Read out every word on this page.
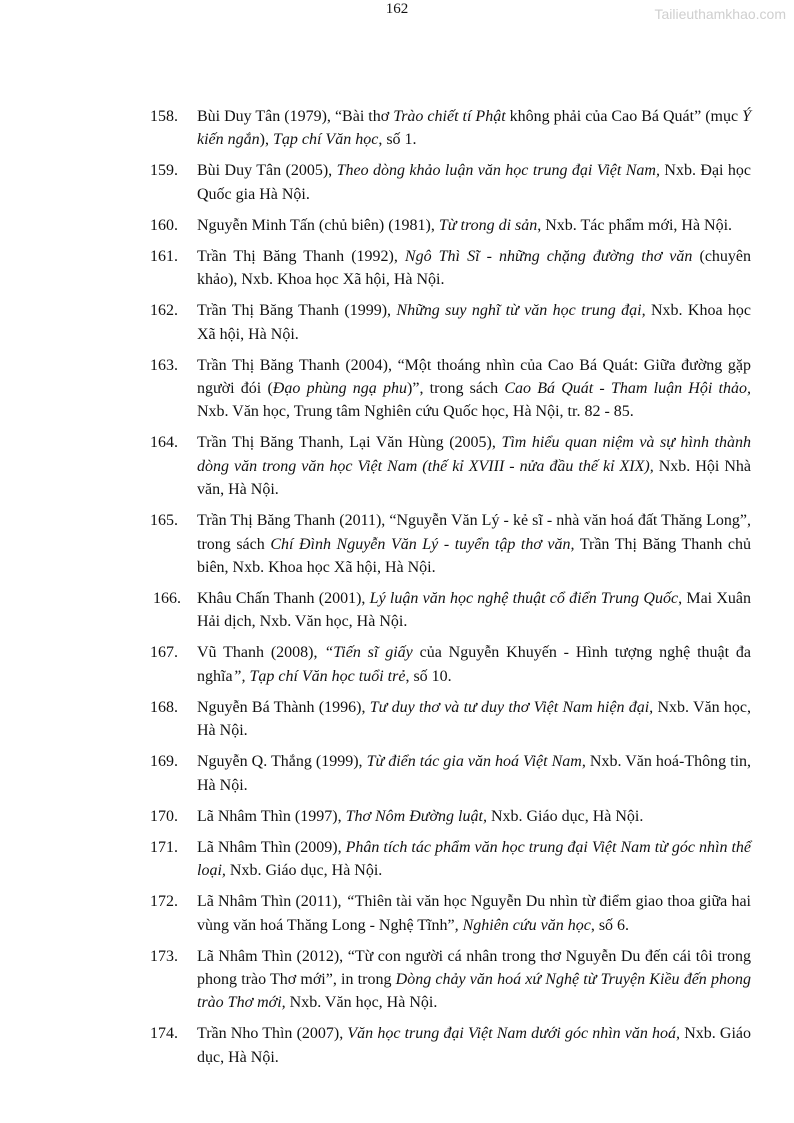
162	Tailieuthamkhao.com
158.	Bùi Duy Tân (1979), “Bài thơ Trào chiết tí Phật không phải của Cao Bá Quát” (mục Ý kiến ngắn), Tạp chí Văn học, số 1.
159.	Bùi Duy Tân (2005), Theo dòng khảo luận văn học trung đại Việt Nam, Nxb. Đại học Quốc gia Hà Nội.
160.	Nguyễn Minh Tấn (chủ biên) (1981), Từ trong di sản, Nxb. Tác phẩm mới, Hà Nội.
161.	Trần Thị Băng Thanh (1992), Ngô Thì Sĩ - những chặng đường thơ văn (chuyên khảo), Nxb. Khoa học Xã hội, Hà Nội.
162.	Trần Thị Băng Thanh (1999), Những suy nghĩ từ văn học trung đại, Nxb. Khoa học Xã hội, Hà Nội.
163.	Trần Thị Băng Thanh (2004), “Một thoáng nhìn của Cao Bá Quát: Giữa đường gặp người đói (Đạo phùng ngạ phu)”, trong sách Cao Bá Quát - Tham luận Hội thảo, Nxb. Văn học, Trung tâm Nghiên cứu Quốc học, Hà Nội, tr. 82 - 85.
164.	Trần Thị Băng Thanh, Lại Văn Hùng (2005), Tìm hiểu quan niệm và sự hình thành dòng văn trong văn học Việt Nam (thế kỉ XVIII - nửa đầu thế kỉ XIX), Nxb. Hội Nhà văn, Hà Nội.
165.	Trần Thị Băng Thanh (2011), “Nguyễn Văn Lý - kẻ sĩ - nhà văn hoá đất Thăng Long”, trong sách Chí Đình Nguyễn Văn Lý - tuyển tập thơ văn, Trần Thị Băng Thanh chủ biên, Nxb. Khoa học Xã hội, Hà Nội.
166.	Khâu Chấn Thanh (2001), Lý luận văn học nghệ thuật cổ điển Trung Quốc, Mai Xuân Hải dịch, Nxb. Văn học, Hà Nội.
167.	Vũ Thanh (2008), “Tiến sĩ giấy của Nguyễn Khuyến - Hình tượng nghệ thuật đa nghĩa”, Tạp chí Văn học tuổi trẻ, số 10.
168.	Nguyễn Bá Thành (1996), Tư duy thơ và tư duy thơ Việt Nam hiện đại, Nxb. Văn học, Hà Nội.
169.	Nguyễn Q. Thắng (1999), Từ điển tác gia văn hoá Việt Nam, Nxb. Văn hoá-Thông tin, Hà Nội.
170.	Lã Nhâm Thìn (1997), Thơ Nôm Đường luật, Nxb. Giáo dục, Hà Nội.
171.	Lã Nhâm Thìn (2009), Phân tích tác phẩm văn học trung đại Việt Nam từ góc nhìn thể loại, Nxb. Giáo dục, Hà Nội.
172.	Lã Nhâm Thìn (2011), “Thiên tài văn học Nguyễn Du nhìn từ điểm giao thoa giữa hai vùng văn hoá Thăng Long - Nghệ Tĩnh”, Nghiên cứu văn học, số 6.
173.	Lã Nhâm Thìn (2012), “Từ con người cá nhân trong thơ Nguyễn Du đến cái tôi trong phong trào Thơ mới”, in trong Dòng chảy văn hoá xứ Nghệ từ Truyện Kiều đến phong trào Thơ mới, Nxb. Văn học, Hà Nội.
174.	Trần Nho Thìn (2007), Văn học trung đại Việt Nam dưới góc nhìn văn hoá, Nxb. Giáo dục, Hà Nội.
